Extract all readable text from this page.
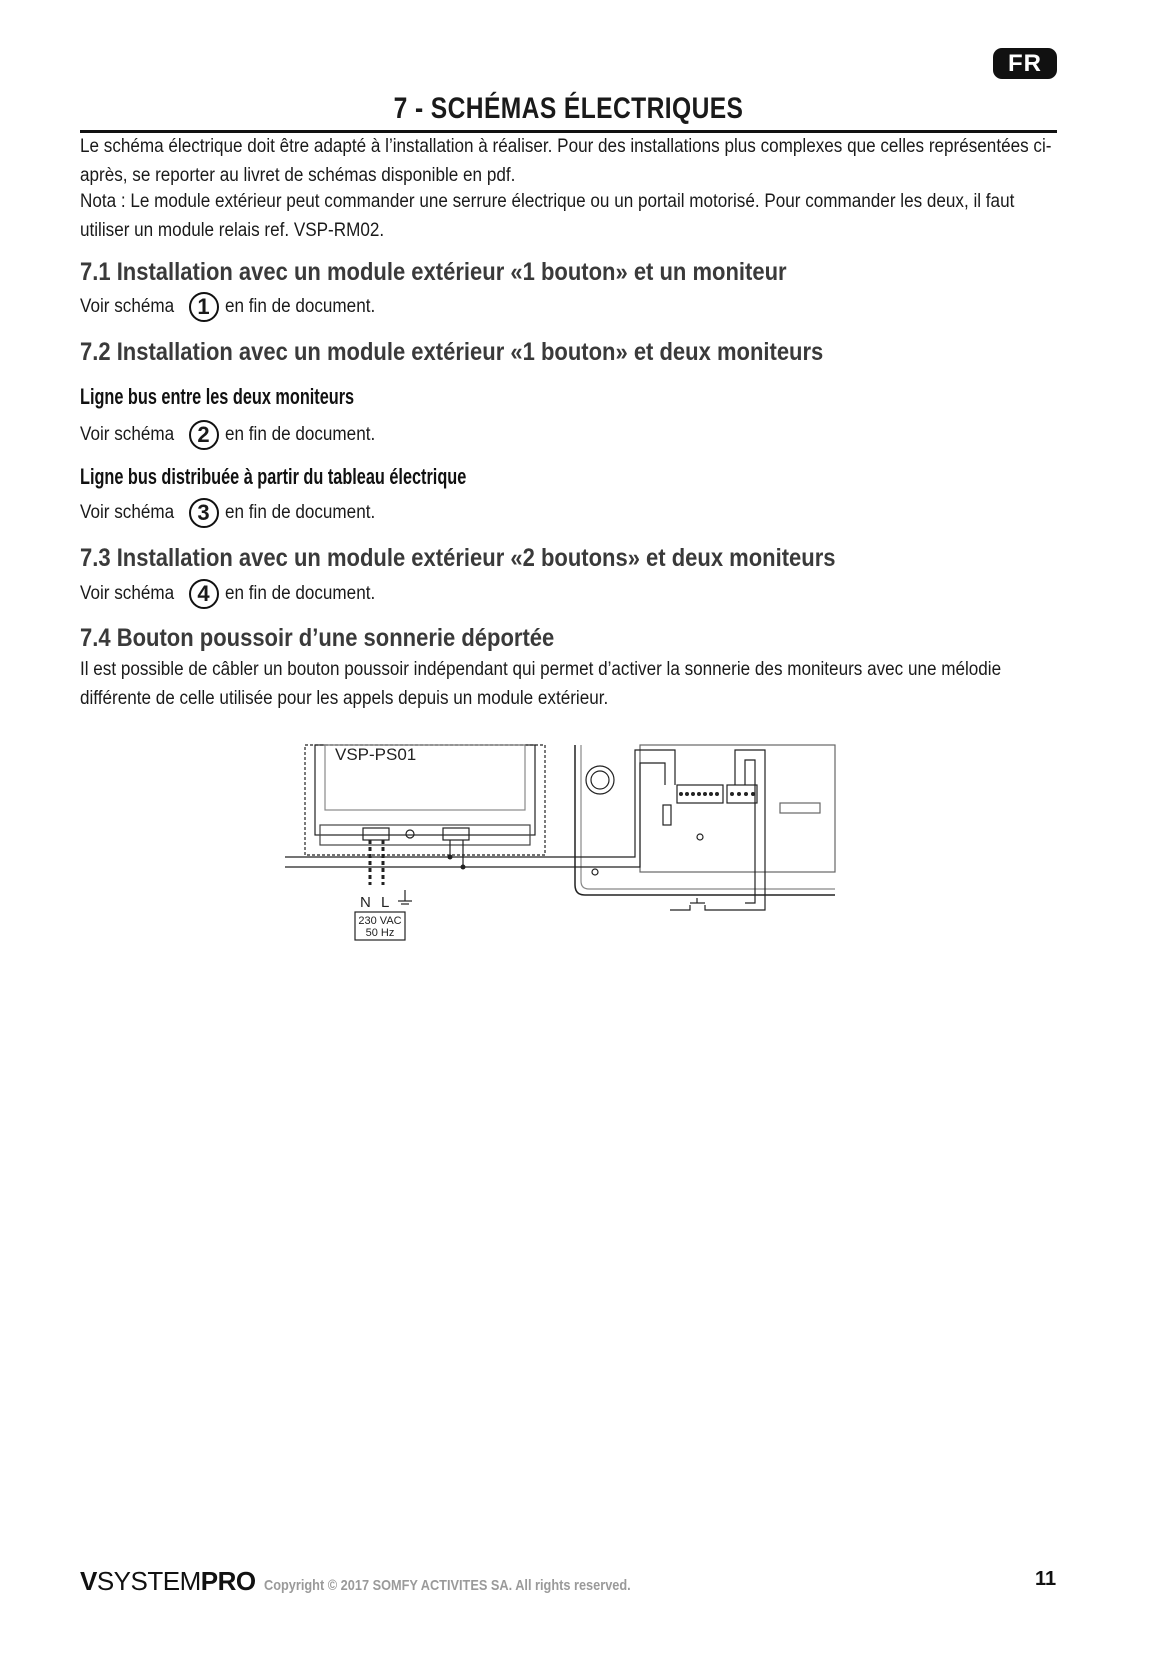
FR
7 - SCHÉMAS ÉLECTRIQUES

Le schéma électrique doit être adapté à l’installation à réaliser. Pour des installations plus complexes que celles représentées ci-après, se reporter au livret de schémas disponible en pdf.

Nota : Le module extérieur peut commander une serrure électrique ou un portail motorisé. Pour commander les deux, il faut utiliser un module relais ref. VSP-RM02.

7.1 Installation avec un module extérieur «1 bouton» et un moniteur
Voir schéma	1 en fin de document.
7.2 Installation avec un module extérieur «1 bouton» et deux moniteurs
Ligne bus entre les deux moniteurs
Voir schéma	2 en fin de document.
Ligne bus distribuée à partir du tableau électrique
Voir schéma	3 en fin de document.
7.3 Installation avec un module extérieur «2 boutons» et deux moniteurs
Voir schéma	4 en fin de document.
7.4 Bouton poussoir d’une sonnerie déportée

Il est possible de câbler un bouton poussoir indépendant qui permet d’activer la sonnerie des moniteurs avec une mélodie différente de celle utilisée pour les appels depuis un module extérieur.

VSP-PS01
N L
230 VAC
50 Hz
VSYSTEMPRO Copyright © 2017 SOMFY ACTIVITES SA. All rights reserved.	11
